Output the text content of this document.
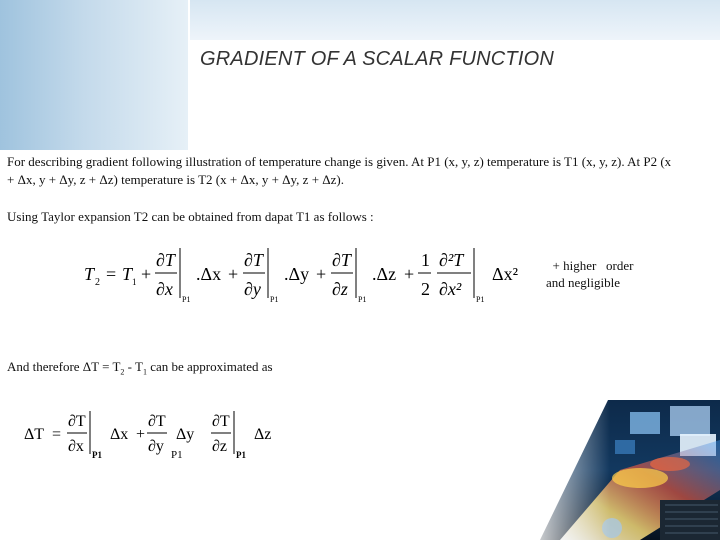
GRADIENT OF A SCALAR FUNCTION
For describing gradient following illustration of temperature change is given. At P1 (x, y, z) temperature is T1 (x, y, z). At P2 (x + Δx, y + Δy, z + Δz) temperature is T2 (x + Δx, y + Δy, z + Δz).
Using Taylor expansion T2 can be obtained from dapat T1 as follows :
T 2 = T 1 +
∂T
∂x
P1
.Δx +
∂T
∂y
P1
.Δy +
∂T
∂z
P1
.Δz +
1
2
∂²T
∂x²
P1
Δx²	+ higher   order
and negligible
And therefore $\Delta T = T_2 - T_1$ can be approximated as
ΔT =
∂T
∂x P1
Δx +
∂T
∂y P1
Δy
∂T
∂z P1
Δz
